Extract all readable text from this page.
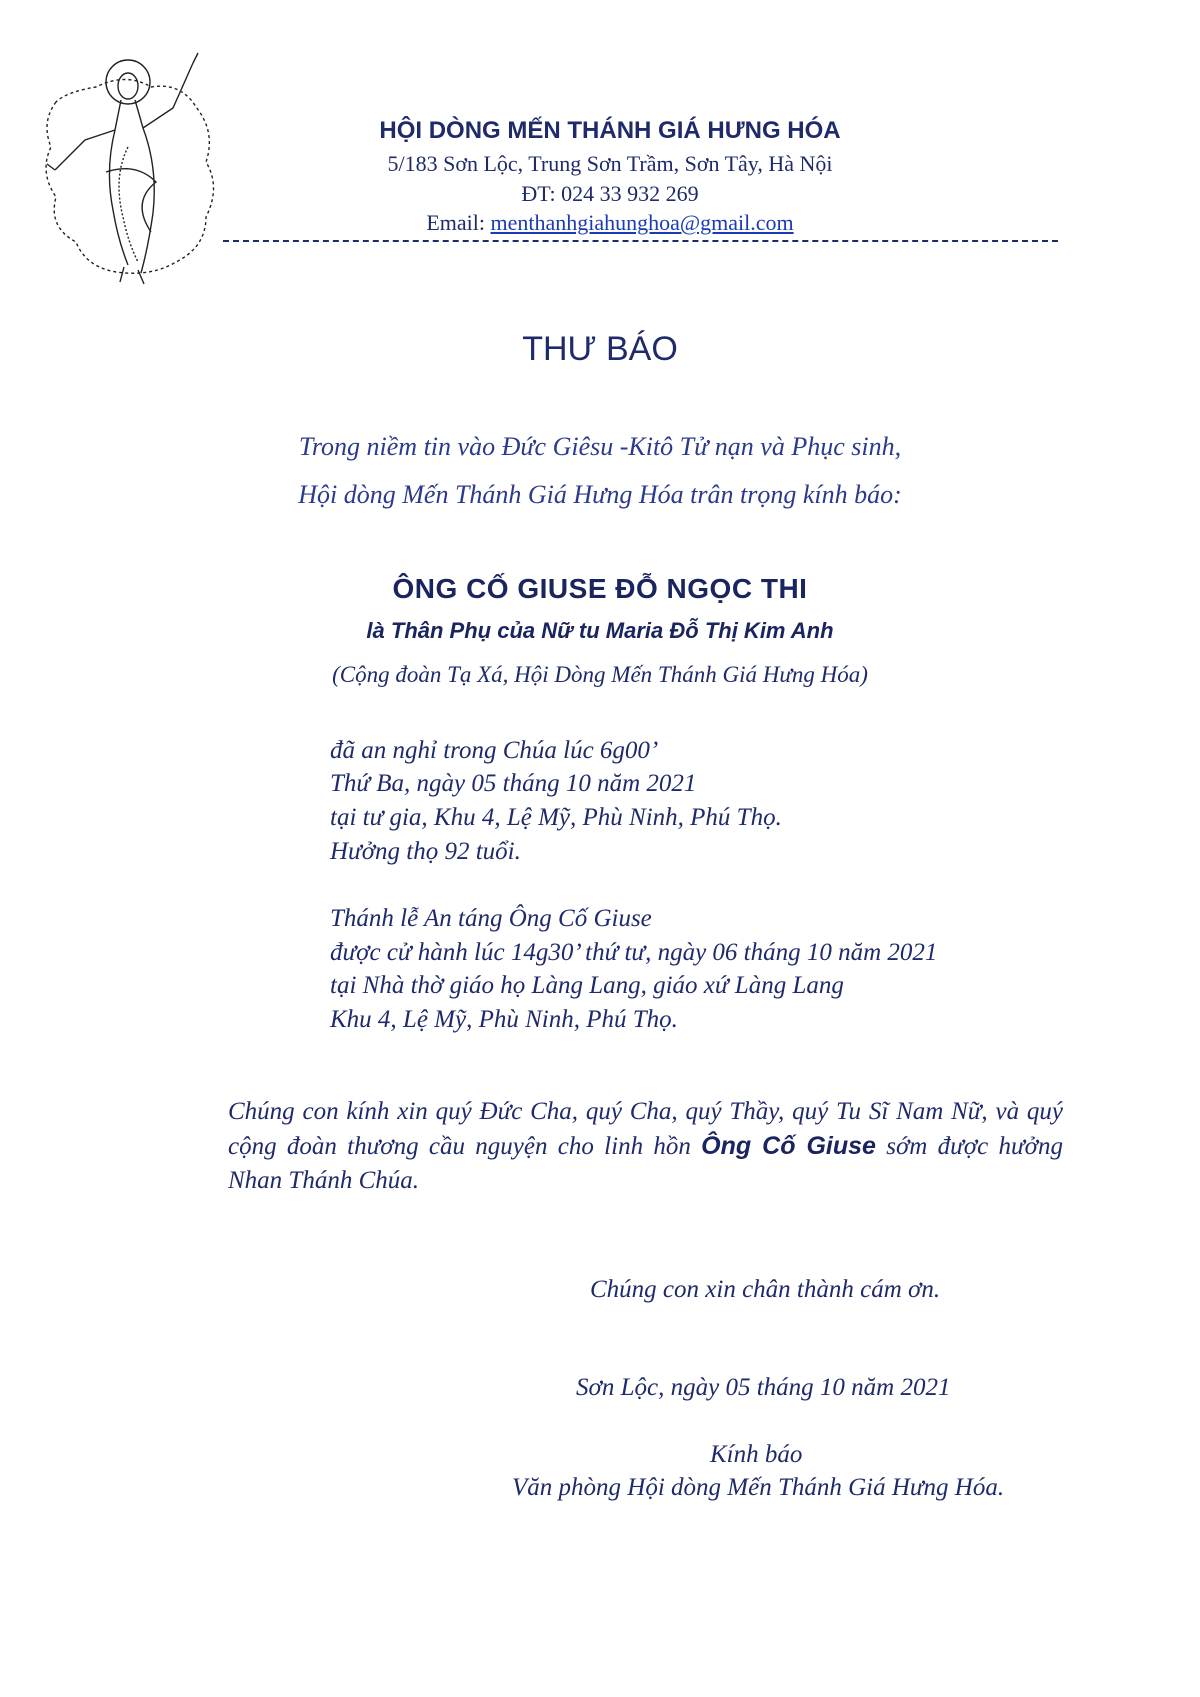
HỘI DÒNG MẾN THÁNH GIÁ HƯNG HÓA
5/183 Sơn Lộc, Trung Sơn Trầm, Sơn Tây, Hà Nội
ĐT: 024 33 932 269
Email: menthanhgiahunghoa@gmail.com
THƯ BÁO
Trong niềm tin vào Đức Giêsu -Kitô Tử nạn và Phục sinh,
Hội dòng Mến Thánh Giá Hưng Hóa trân trọng kính báo:
ÔNG CỐ GIUSE ĐỖ NGỌC THI
là Thân Phụ của Nữ tu Maria Đỗ Thị Kim Anh
(Cộng đoàn Tạ Xá, Hội Dòng Mến Thánh Giá Hưng Hóa)
đã an nghỉ trong Chúa lúc 6g00’
Thứ Ba, ngày 05 tháng 10 năm 2021
tại tư gia, Khu 4, Lệ Mỹ, Phù Ninh, Phú Thọ.
Hưởng thọ 92 tuổi.
Thánh lễ An táng Ông Cố Giuse
được cử hành lúc 14g30’ thứ tư, ngày 06 tháng 10 năm 2021
tại Nhà thờ giáo họ Làng Lang, giáo xứ Làng Lang
Khu 4, Lệ Mỹ, Phù Ninh, Phú Thọ.
Chúng con kính xin quý Đức Cha, quý Cha, quý Thầy, quý Tu Sĩ Nam Nữ, và quý cộng đoàn thương cầu nguyện cho linh hồn Ông Cố Giuse sớm được hưởng Nhan Thánh Chúa.
Chúng con xin chân thành cám ơn.
Sơn Lộc, ngày 05 tháng 10 năm 2021
Kính báo
Văn phòng Hội dòng Mến Thánh Giá Hưng Hóa.
